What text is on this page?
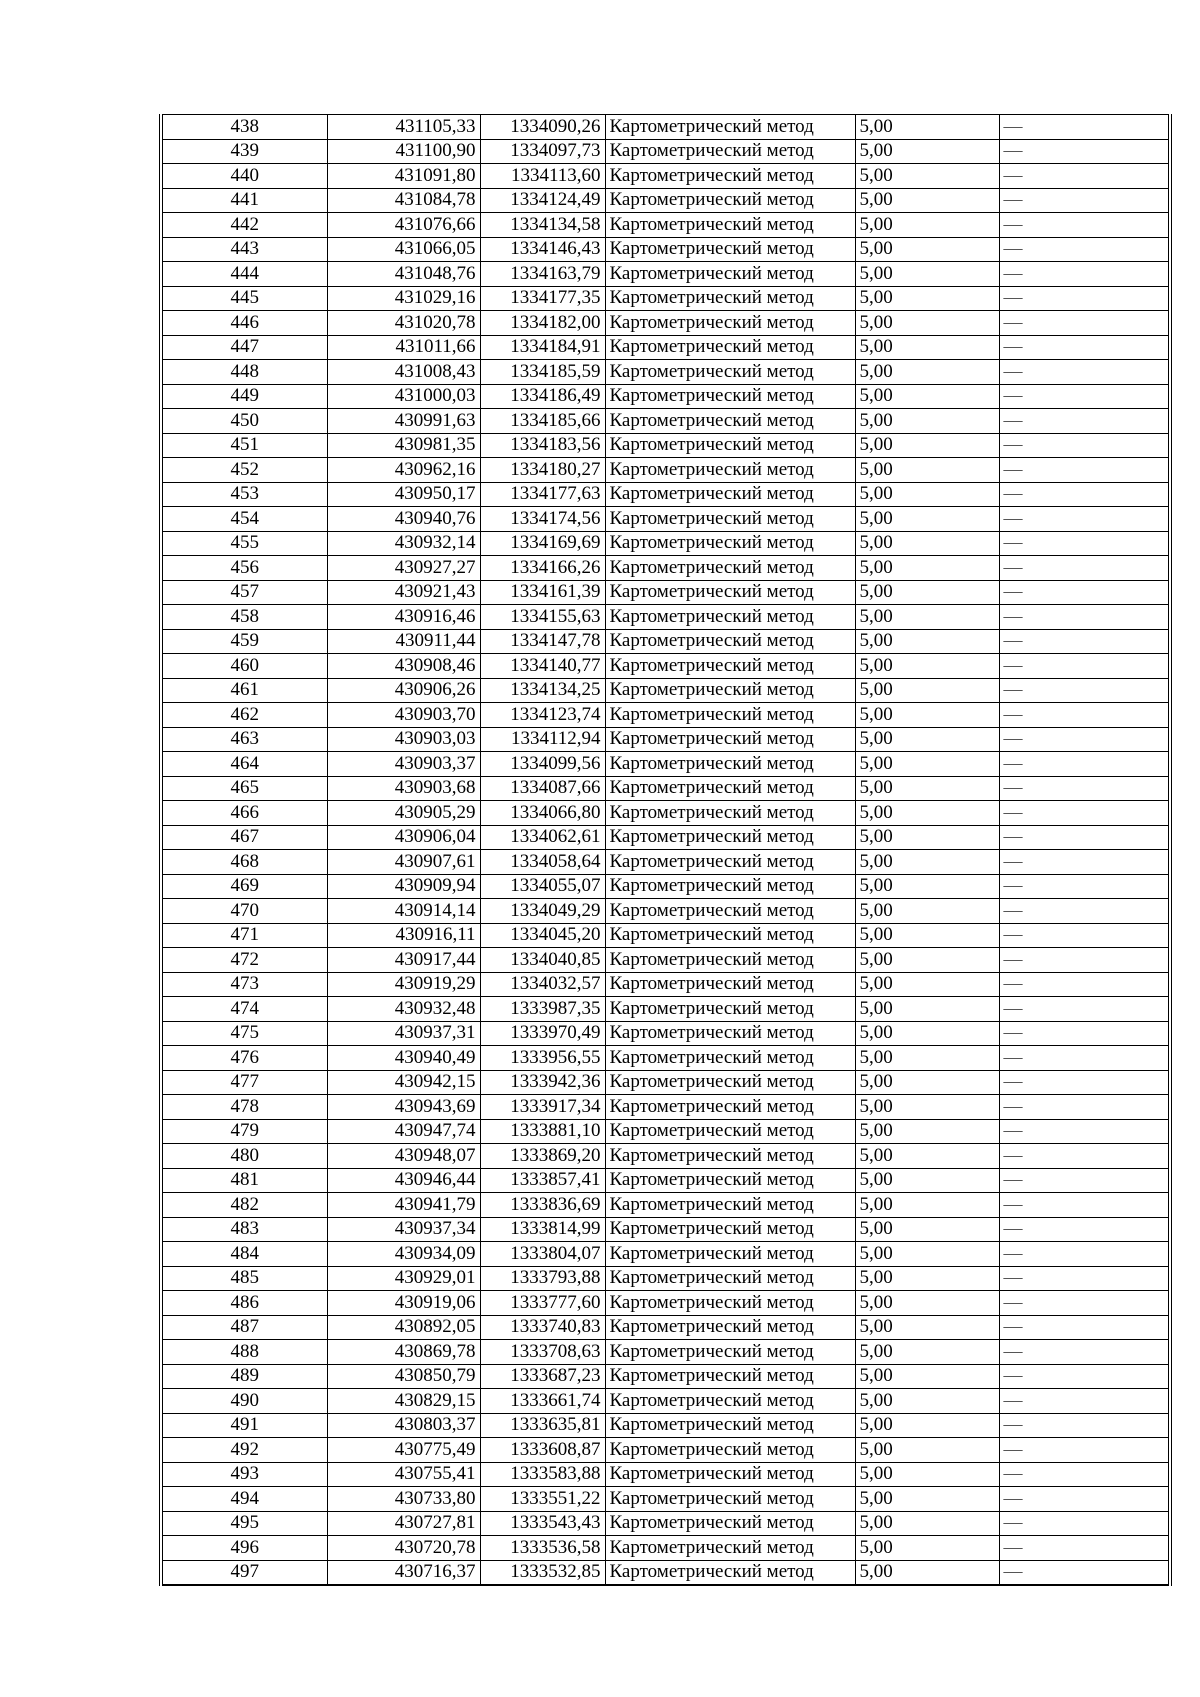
438	431105,33	1334090,26	Картометрический метод	5,00	—
439	431100,90	1334097,73	Картометрический метод	5,00	—
440	431091,80	1334113,60	Картометрический метод	5,00	—
441	431084,78	1334124,49	Картометрический метод	5,00	—
442	431076,66	1334134,58	Картометрический метод	5,00	—
443	431066,05	1334146,43	Картометрический метод	5,00	—
444	431048,76	1334163,79	Картометрический метод	5,00	—
445	431029,16	1334177,35	Картометрический метод	5,00	—
446	431020,78	1334182,00	Картометрический метод	5,00	—
447	431011,66	1334184,91	Картометрический метод	5,00	—
448	431008,43	1334185,59	Картометрический метод	5,00	—
449	431000,03	1334186,49	Картометрический метод	5,00	—
450	430991,63	1334185,66	Картометрический метод	5,00	—
451	430981,35	1334183,56	Картометрический метод	5,00	—
452	430962,16	1334180,27	Картометрический метод	5,00	—
453	430950,17	1334177,63	Картометрический метод	5,00	—
454	430940,76	1334174,56	Картометрический метод	5,00	—
455	430932,14	1334169,69	Картометрический метод	5,00	—
456	430927,27	1334166,26	Картометрический метод	5,00	—
457	430921,43	1334161,39	Картометрический метод	5,00	—
458	430916,46	1334155,63	Картометрический метод	5,00	—
459	430911,44	1334147,78	Картометрический метод	5,00	—
460	430908,46	1334140,77	Картометрический метод	5,00	—
461	430906,26	1334134,25	Картометрический метод	5,00	—
462	430903,70	1334123,74	Картометрический метод	5,00	—
463	430903,03	1334112,94	Картометрический метод	5,00	—
464	430903,37	1334099,56	Картометрический метод	5,00	—
465	430903,68	1334087,66	Картометрический метод	5,00	—
466	430905,29	1334066,80	Картометрический метод	5,00	—
467	430906,04	1334062,61	Картометрический метод	5,00	—
468	430907,61	1334058,64	Картометрический метод	5,00	—
469	430909,94	1334055,07	Картометрический метод	5,00	—
470	430914,14	1334049,29	Картометрический метод	5,00	—
471	430916,11	1334045,20	Картометрический метод	5,00	—
472	430917,44	1334040,85	Картометрический метод	5,00	—
473	430919,29	1334032,57	Картометрический метод	5,00	—
474	430932,48	1333987,35	Картометрический метод	5,00	—
475	430937,31	1333970,49	Картометрический метод	5,00	—
476	430940,49	1333956,55	Картометрический метод	5,00	—
477	430942,15	1333942,36	Картометрический метод	5,00	—
478	430943,69	1333917,34	Картометрический метод	5,00	—
479	430947,74	1333881,10	Картометрический метод	5,00	—
480	430948,07	1333869,20	Картометрический метод	5,00	—
481	430946,44	1333857,41	Картометрический метод	5,00	—
482	430941,79	1333836,69	Картометрический метод	5,00	—
483	430937,34	1333814,99	Картометрический метод	5,00	—
484	430934,09	1333804,07	Картометрический метод	5,00	—
485	430929,01	1333793,88	Картометрический метод	5,00	—
486	430919,06	1333777,60	Картометрический метод	5,00	—
487	430892,05	1333740,83	Картометрический метод	5,00	—
488	430869,78	1333708,63	Картометрический метод	5,00	—
489	430850,79	1333687,23	Картометрический метод	5,00	—
490	430829,15	1333661,74	Картометрический метод	5,00	—
491	430803,37	1333635,81	Картометрический метод	5,00	—
492	430775,49	1333608,87	Картометрический метод	5,00	—
493	430755,41	1333583,88	Картометрический метод	5,00	—
494	430733,80	1333551,22	Картометрический метод	5,00	—
495	430727,81	1333543,43	Картометрический метод	5,00	—
496	430720,78	1333536,58	Картометрический метод	5,00	—
497	430716,37	1333532,85	Картометрический метод	5,00	—
